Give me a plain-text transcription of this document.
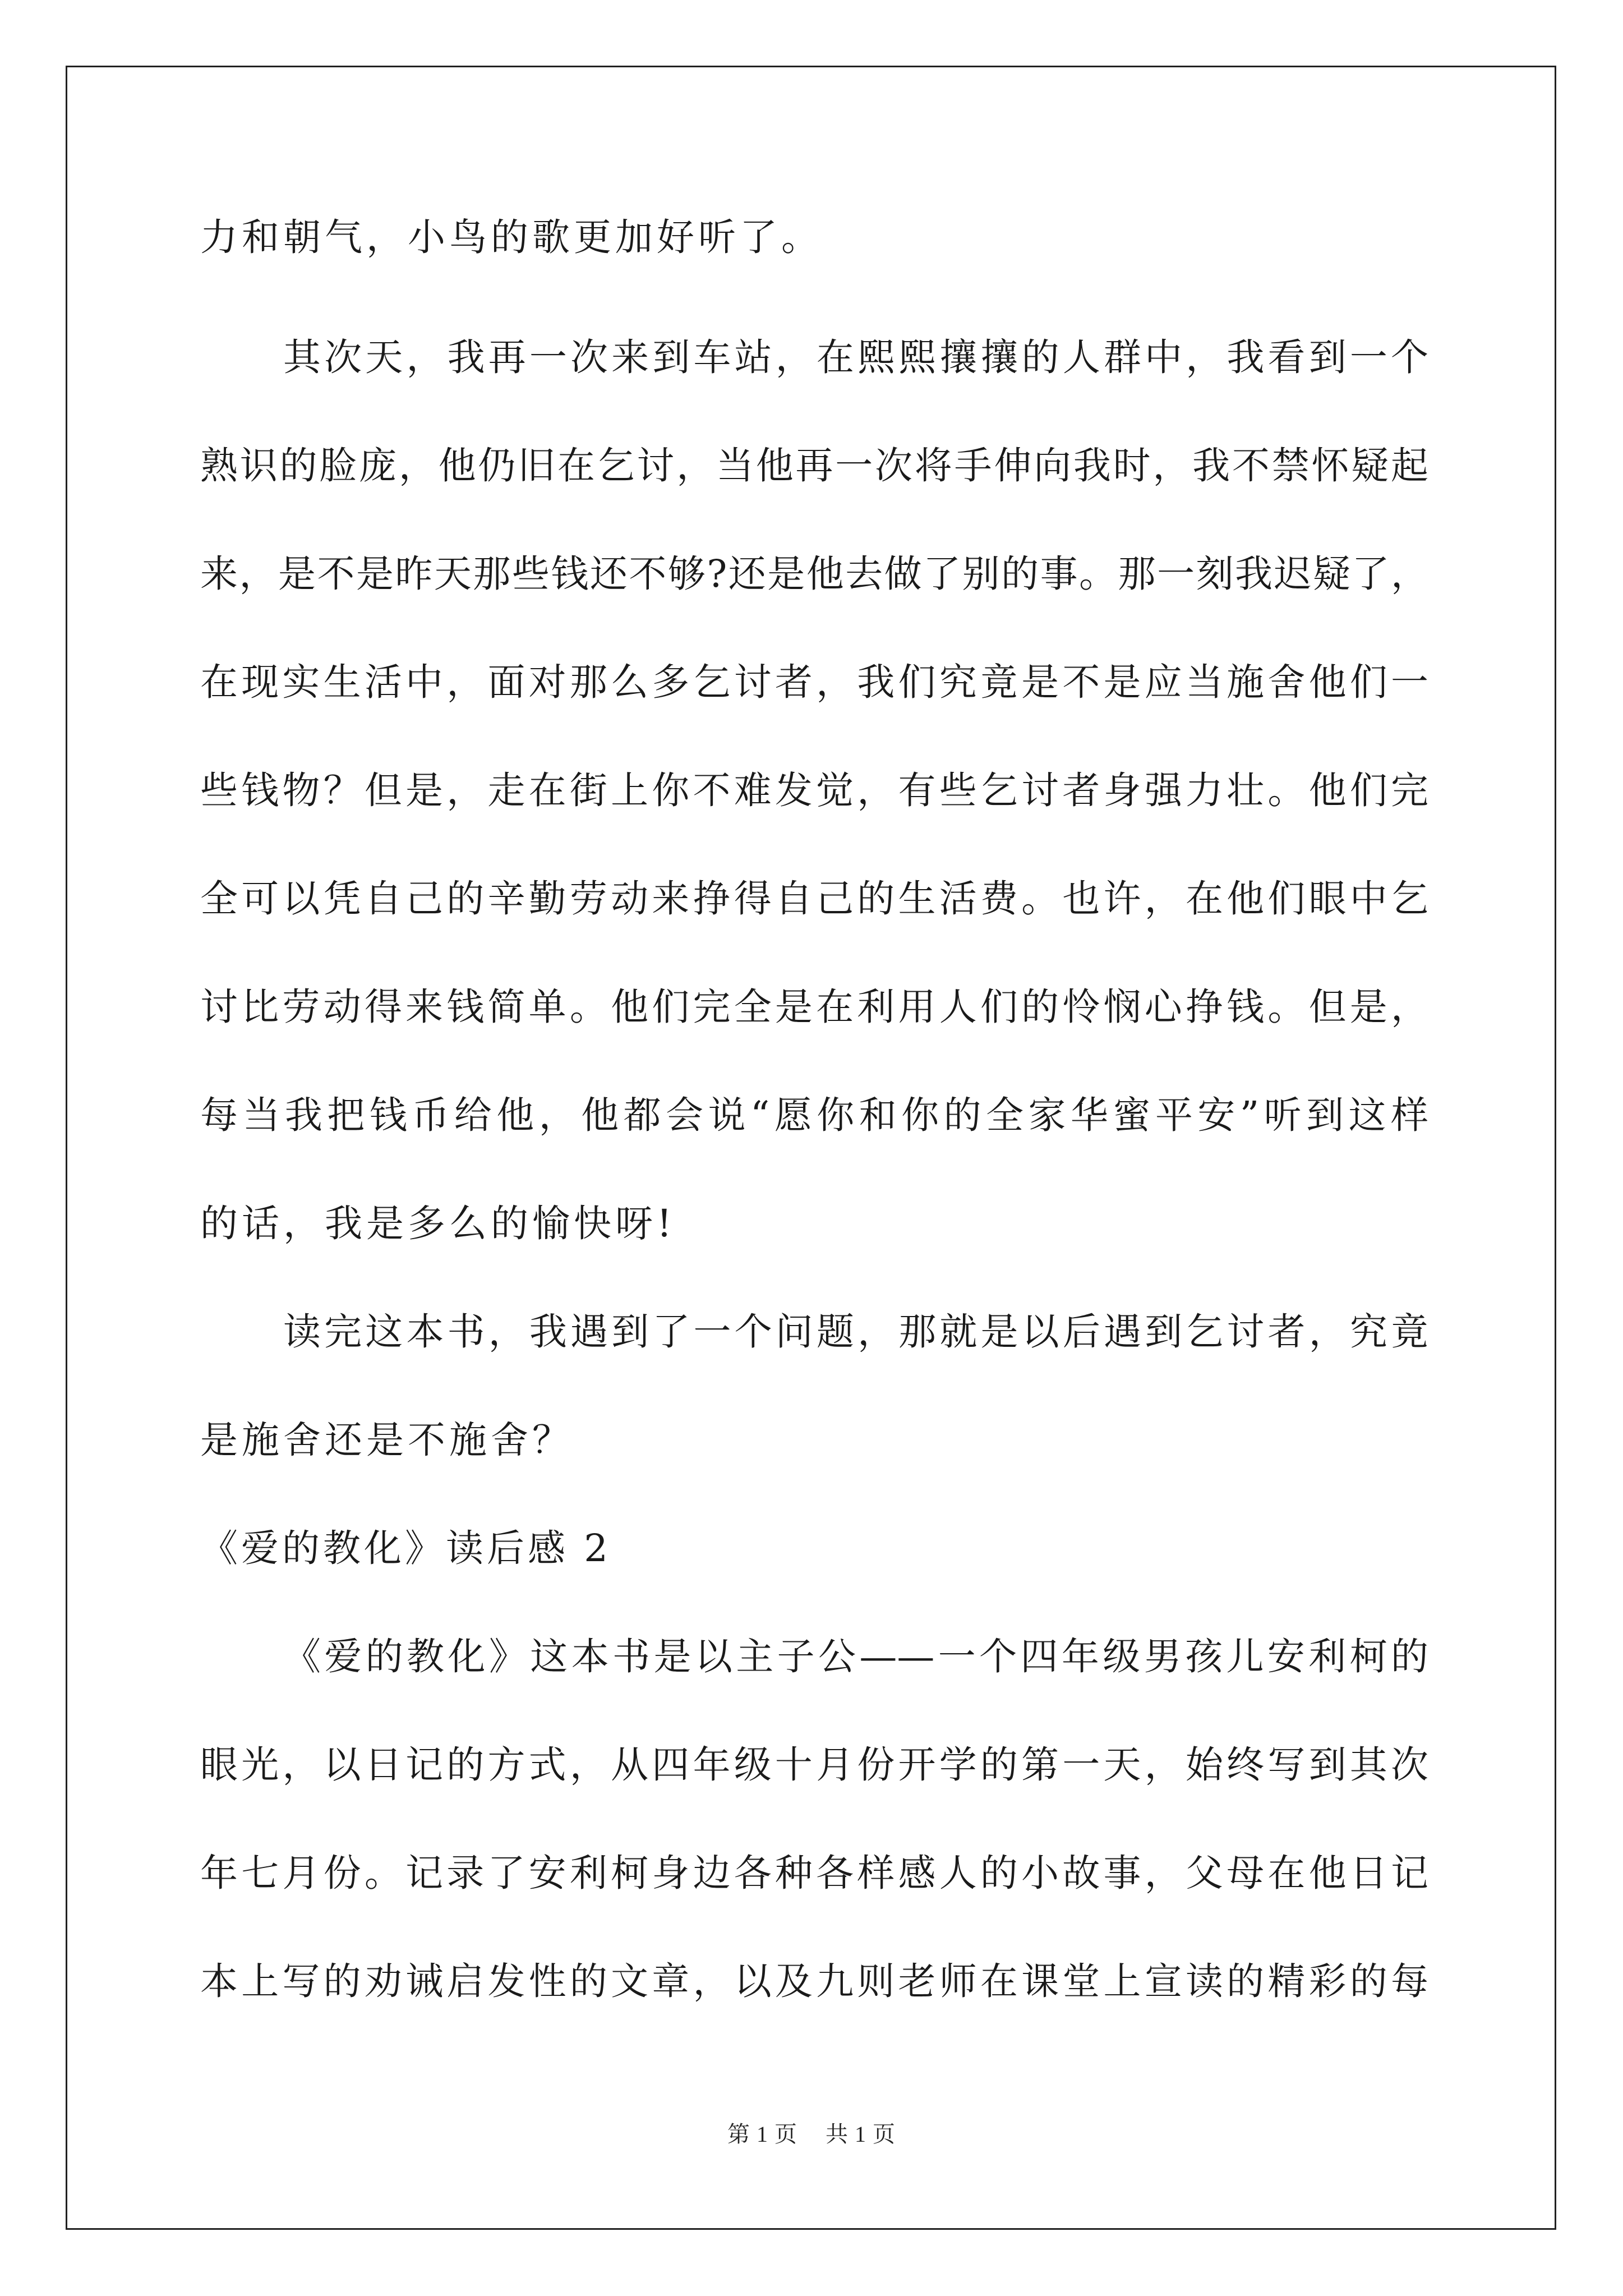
力和朝气，小鸟的歌更加好听了。
其次天，我再一次来到车站，在熙熙攘攘的人群中，我看到一个
熟识的脸庞，他仍旧在乞讨，当他再一次将手伸向我时，我不禁怀疑起
来，是不是昨天那些钱还不够?还是他去做了别的事。那一刻我迟疑了，
在现实生活中，面对那么多乞讨者，我们究竟是不是应当施舍他们一
些钱物？但是，走在街上你不难发觉，有些乞讨者身强力壮。他们完
全可以凭自己的辛勤劳动来挣得自己的生活费。也许，在他们眼中乞
讨比劳动得来钱简单。他们完全是在利用人们的怜悯心挣钱。但是，
每当我把钱币给他，他都会说“愿你和你的全家华蜜平安”听到这样
的话，我是多么的愉快呀!
读完这本书，我遇到了一个问题，那就是以后遇到乞讨者，究竟
是施舍还是不施舍？
《爱的教化》读后感 2
《爱的教化》这本书是以主子公——一个四年级男孩儿安利柯的
眼光，以日记的方式，从四年级十月份开学的第一天，始终写到其次
年七月份。记录了安利柯身边各种各样感人的小故事，父母在他日记
本上写的劝诫启发性的文章，以及九则老师在课堂上宣读的精彩的每
第 1 页 共 1 页
